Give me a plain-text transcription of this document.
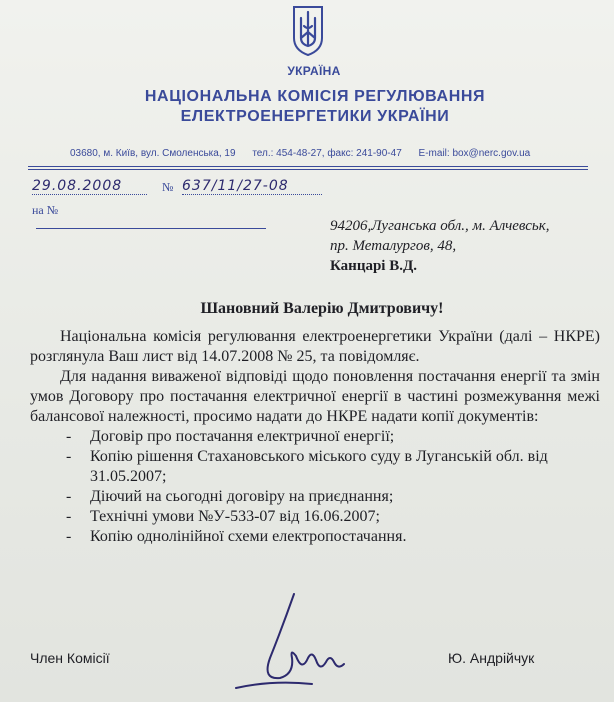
УКРАЇНА
НАЦІОНАЛЬНА КОМІСІЯ РЕГУЛЮВАННЯ
ЕЛЕКТРОЕНЕРГЕТИКИ УКРАЇНИ
03680, м. Київ, вул. Смоленська, 19 тел.: 454-48-27, факс: 241-90-47 E-mail: box@nerc.gov.ua
29.08.2008	№ 637/11/27-08
на №
94206,Луганська обл., м. Алчевськ,
пр. Металургов, 48,
Канцарі В.Д.
Шановний Валерію Дмитровичу!

Національна комісія регулювання електроенергетики України (далі – НКРЕ) розглянула Ваш лист від 14.07.2008 № 25, та повідомляє.

Для надання виваженої відповіді щодо поновлення постачання енергії та змін умов Договору про постачання електричної енергії в частині розмежування межі балансової належності, просимо надати до НКРЕ надати копії документів:

- Договір про постачання електричної енергії;
- Копію рішення Стахановського міського суду в Луганській обл. від 31.05.2007;
- Діючий на сьогодні договіру на приєднання;
- Технічні умови №У-533-07 від 16.06.2007;
- Копію однолінійної схеми електропостачання.
Член Комісії	Ю. Андрійчук
